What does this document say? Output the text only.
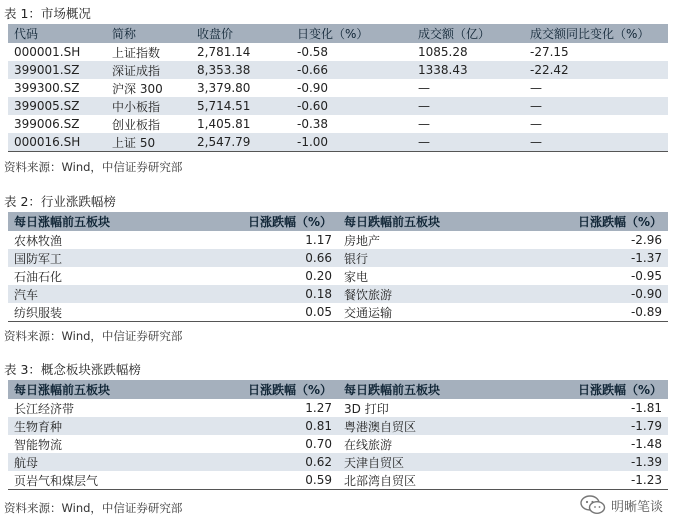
表 1：市场概况
代码	简称	收盘价	日变化（%）	成交额（亿）	成交额同比变化（%）
000001.SH	上证指数	2,781.14	-0.58	1085.28	-27.15
399001.SZ	深证成指	8,353.38	-0.66	1338.43	-22.42
399300.SZ	沪深 300	3,379.80	-0.90	—	—
399005.SZ	中小板指	5,714.51	-0.60	—	—
399006.SZ	创业板指	1,405.81	-0.38	—	—
000016.SH	上证 50	2,547.79	-1.00	—	—
资料来源：Wind，中信证券研究部
表 2：行业涨跌幅榜
每日涨幅前五板块	日涨跌幅（%）	每日跌幅前五板块	日涨跌幅（%）
农林牧渔	1.17	房地产	-2.96
国防军工	0.66	银行	-1.37
石油石化	0.20	家电	-0.95
汽车	0.18	餐饮旅游	-0.90
纺织服装	0.05	交通运输	-0.89
资料来源：Wind，中信证券研究部
表 3：概念板块涨跌幅榜
每日涨幅前五板块	日涨跌幅（%）	每日跌幅前五板块	日涨跌幅（%）
长江经济带	1.27	3D 打印	-1.81
生物育种	0.81	粤港澳自贸区	-1.79
智能物流	0.70	在线旅游	-1.48
航母	0.62	天津自贸区	-1.39
页岩气和煤层气	0.59	北部湾自贸区	-1.23
资料来源：Wind，中信证券研究部	明晰笔谈
